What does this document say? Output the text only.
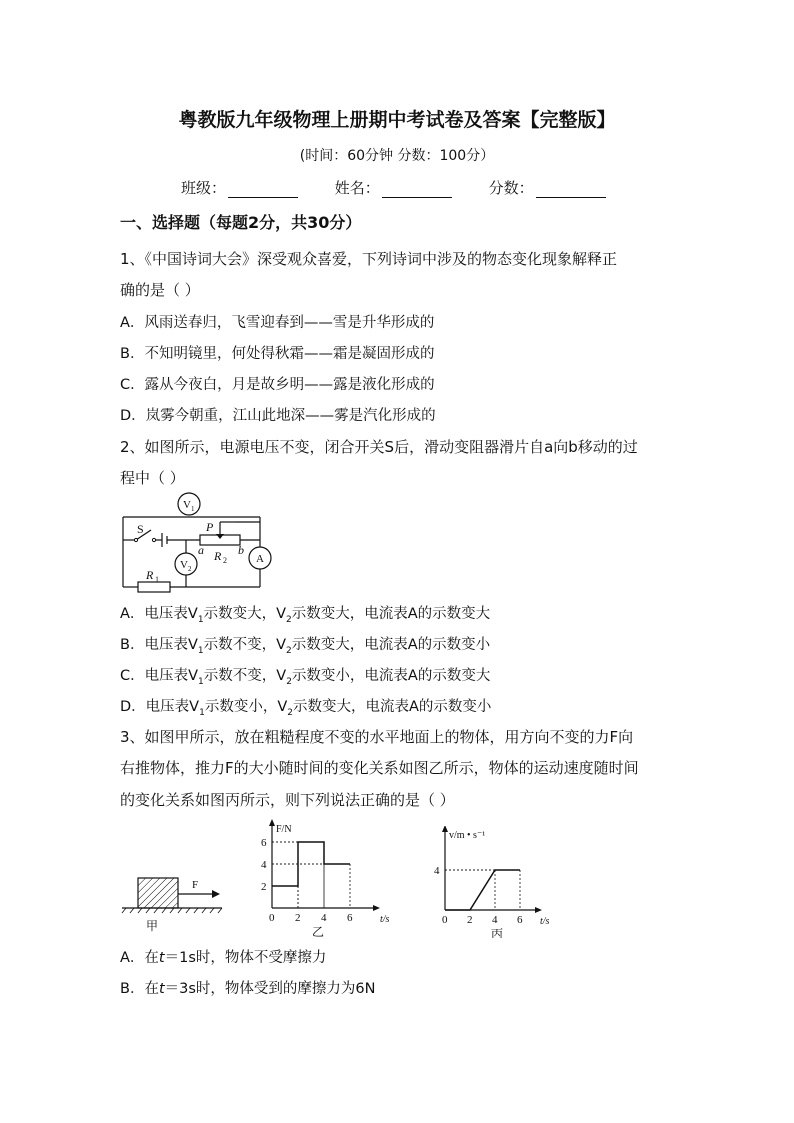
粤教版九年级物理上册期中考试卷及答案【完整版】
(时间：60分钟 分数：100分）
班级：	姓名：	分数：
一、选择题（每题2分，共30分）
1、《中国诗词大会》深受观众喜爱，下列诗词中涉及的物态变化现象解释正
确的是（ ）
A．风雨送春归，飞雪迎春到——雪是升华形成的
B．不知明镜里，何处得秋霜——霜是凝固形成的
C．露从今夜白，月是故乡明——露是液化形成的
D．岚雾今朝重，江山此地深——雾是汽化形成的
2、如图所示，电源电压不变，闭合开关S后，滑动变阻器滑片自a向b移动的过
程中（ ）
S	P
a	b
R 2
R 1
V 1
V 2
A
A．电压表$V_1$示数变大，$V_2$示数变大，电流表A的示数变大
B．电压表$V_1$示数不变，$V_2$示数变大，电流表A的示数变小
C．电压表$V_1$示数不变，$V_2$示数变小，电流表A的示数变大
D．电压表$V_1$示数变小，$V_2$示数变大，电流表A的示数变小
3、如图甲所示，放在粗糙程度不变的水平地面上的物体，用方向不变的力F向
右推物体，推力F的大小随时间的变化关系如图乙所示，物体的运动速度随时间
的变化关系如图丙所示，则下列说法正确的是（ ）
F
甲
0 2 4 6
2
4
6
t/s
F/N
乙
0 2 4 6
4
t/s
v/m • s⁻¹
丙
A．在t＝1s时，物体不受摩擦力
B．在t＝3s时，物体受到的摩擦力为6N
